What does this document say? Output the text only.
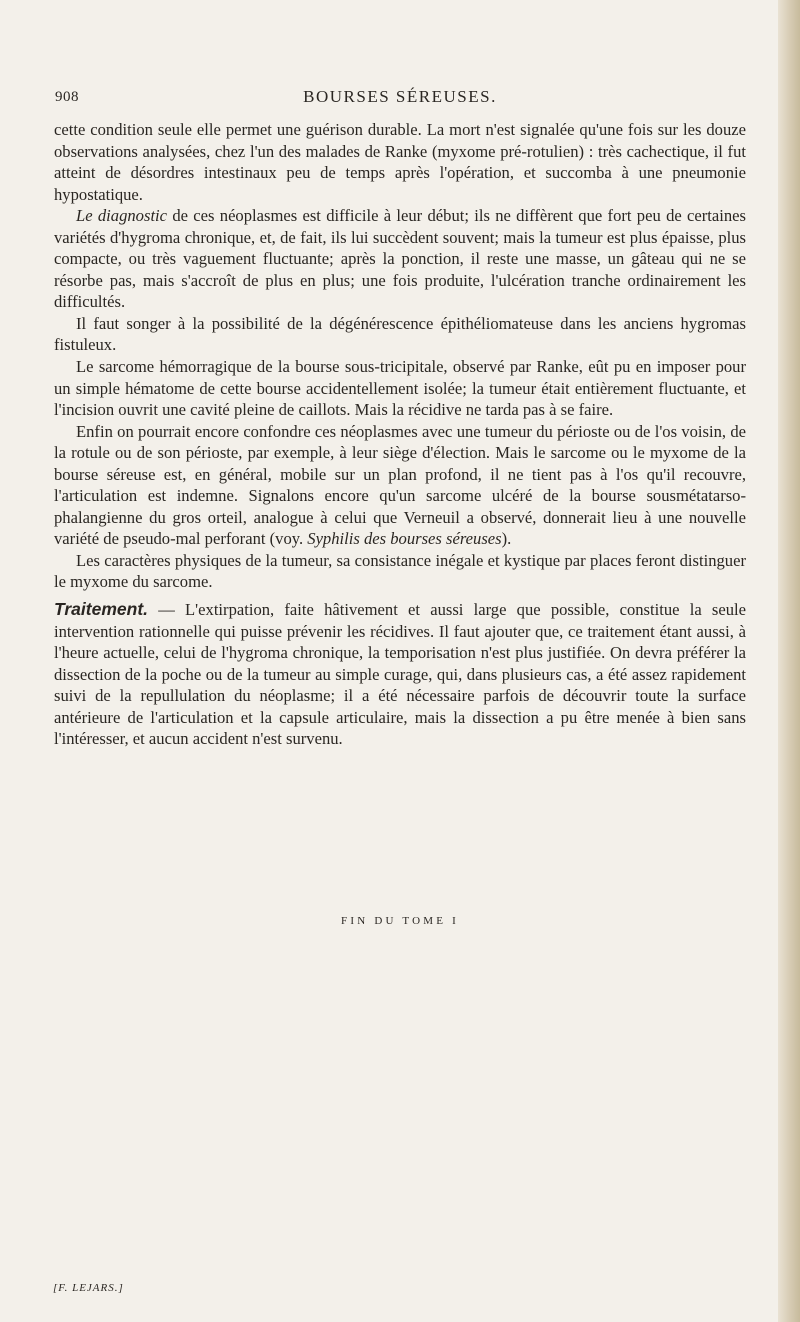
908	BOURSES SÉREUSES.

cette condition seule elle permet une guérison durable. La mort n'est signalée qu'une fois sur les douze observations analysées, chez l'un des malades de Ranke (myxome pré-rotulien) : très cachectique, il fut atteint de désordres intestinaux peu de temps après l'opération, et succomba à une pneumonie hypostatique.

Le diagnostic de ces néoplasmes est difficile à leur début; ils ne diffèrent que fort peu de certaines variétés d'hygroma chronique, et, de fait, ils lui succèdent souvent; mais la tumeur est plus épaisse, plus compacte, ou très vaguement fluctuante; après la ponction, il reste une masse, un gâteau qui ne se résorbe pas, mais s'accroît de plus en plus; une fois produite, l'ulcération tranche ordinairement les difficultés.

Il faut songer à la possibilité de la dégénérescence épithéliomateuse dans les anciens hygromas fistuleux.

Le sarcome hémorragique de la bourse sous-tricipitale, observé par Ranke, eût pu en imposer pour un simple hématome de cette bourse accidentellement isolée; la tumeur était entièrement fluctuante, et l'incision ouvrit une cavité pleine de caillots. Mais la récidive ne tarda pas à se faire.

Enfin on pourrait encore confondre ces néoplasmes avec une tumeur du périoste ou de l'os voisin, de la rotule ou de son périoste, par exemple, à leur siège d'élection. Mais le sarcome ou le myxome de la bourse séreuse est, en général, mobile sur un plan profond, il ne tient pas à l'os qu'il recouvre, l'articulation est indemne. Signalons encore qu'un sarcome ulcéré de la bourse sousmétatarso-phalangienne du gros orteil, analogue à celui que Verneuil a observé, donnerait lieu à une nouvelle variété de pseudo-mal perforant (voy. Syphilis des bourses séreuses).

Les caractères physiques de la tumeur, sa consistance inégale et kystique par places feront distinguer le myxome du sarcome.

Traitement. — L'extirpation, faite hâtivement et aussi large que possible, constitue la seule intervention rationnelle qui puisse prévenir les récidives. Il faut ajouter que, ce traitement étant aussi, à l'heure actuelle, celui de l'hygroma chronique, la temporisation n'est plus justifiée. On devra préférer la dissection de la poche ou de la tumeur au simple curage, qui, dans plusieurs cas, a été assez rapidement suivi de la repullulation du néoplasme; il a été nécessaire parfois de découvrir toute la surface antérieure de l'articulation et la capsule articulaire, mais la dissection a pu être menée à bien sans l'intéresser, et aucun accident n'est survenu.

FIN DU TOME I
[F. LEJARS.]
